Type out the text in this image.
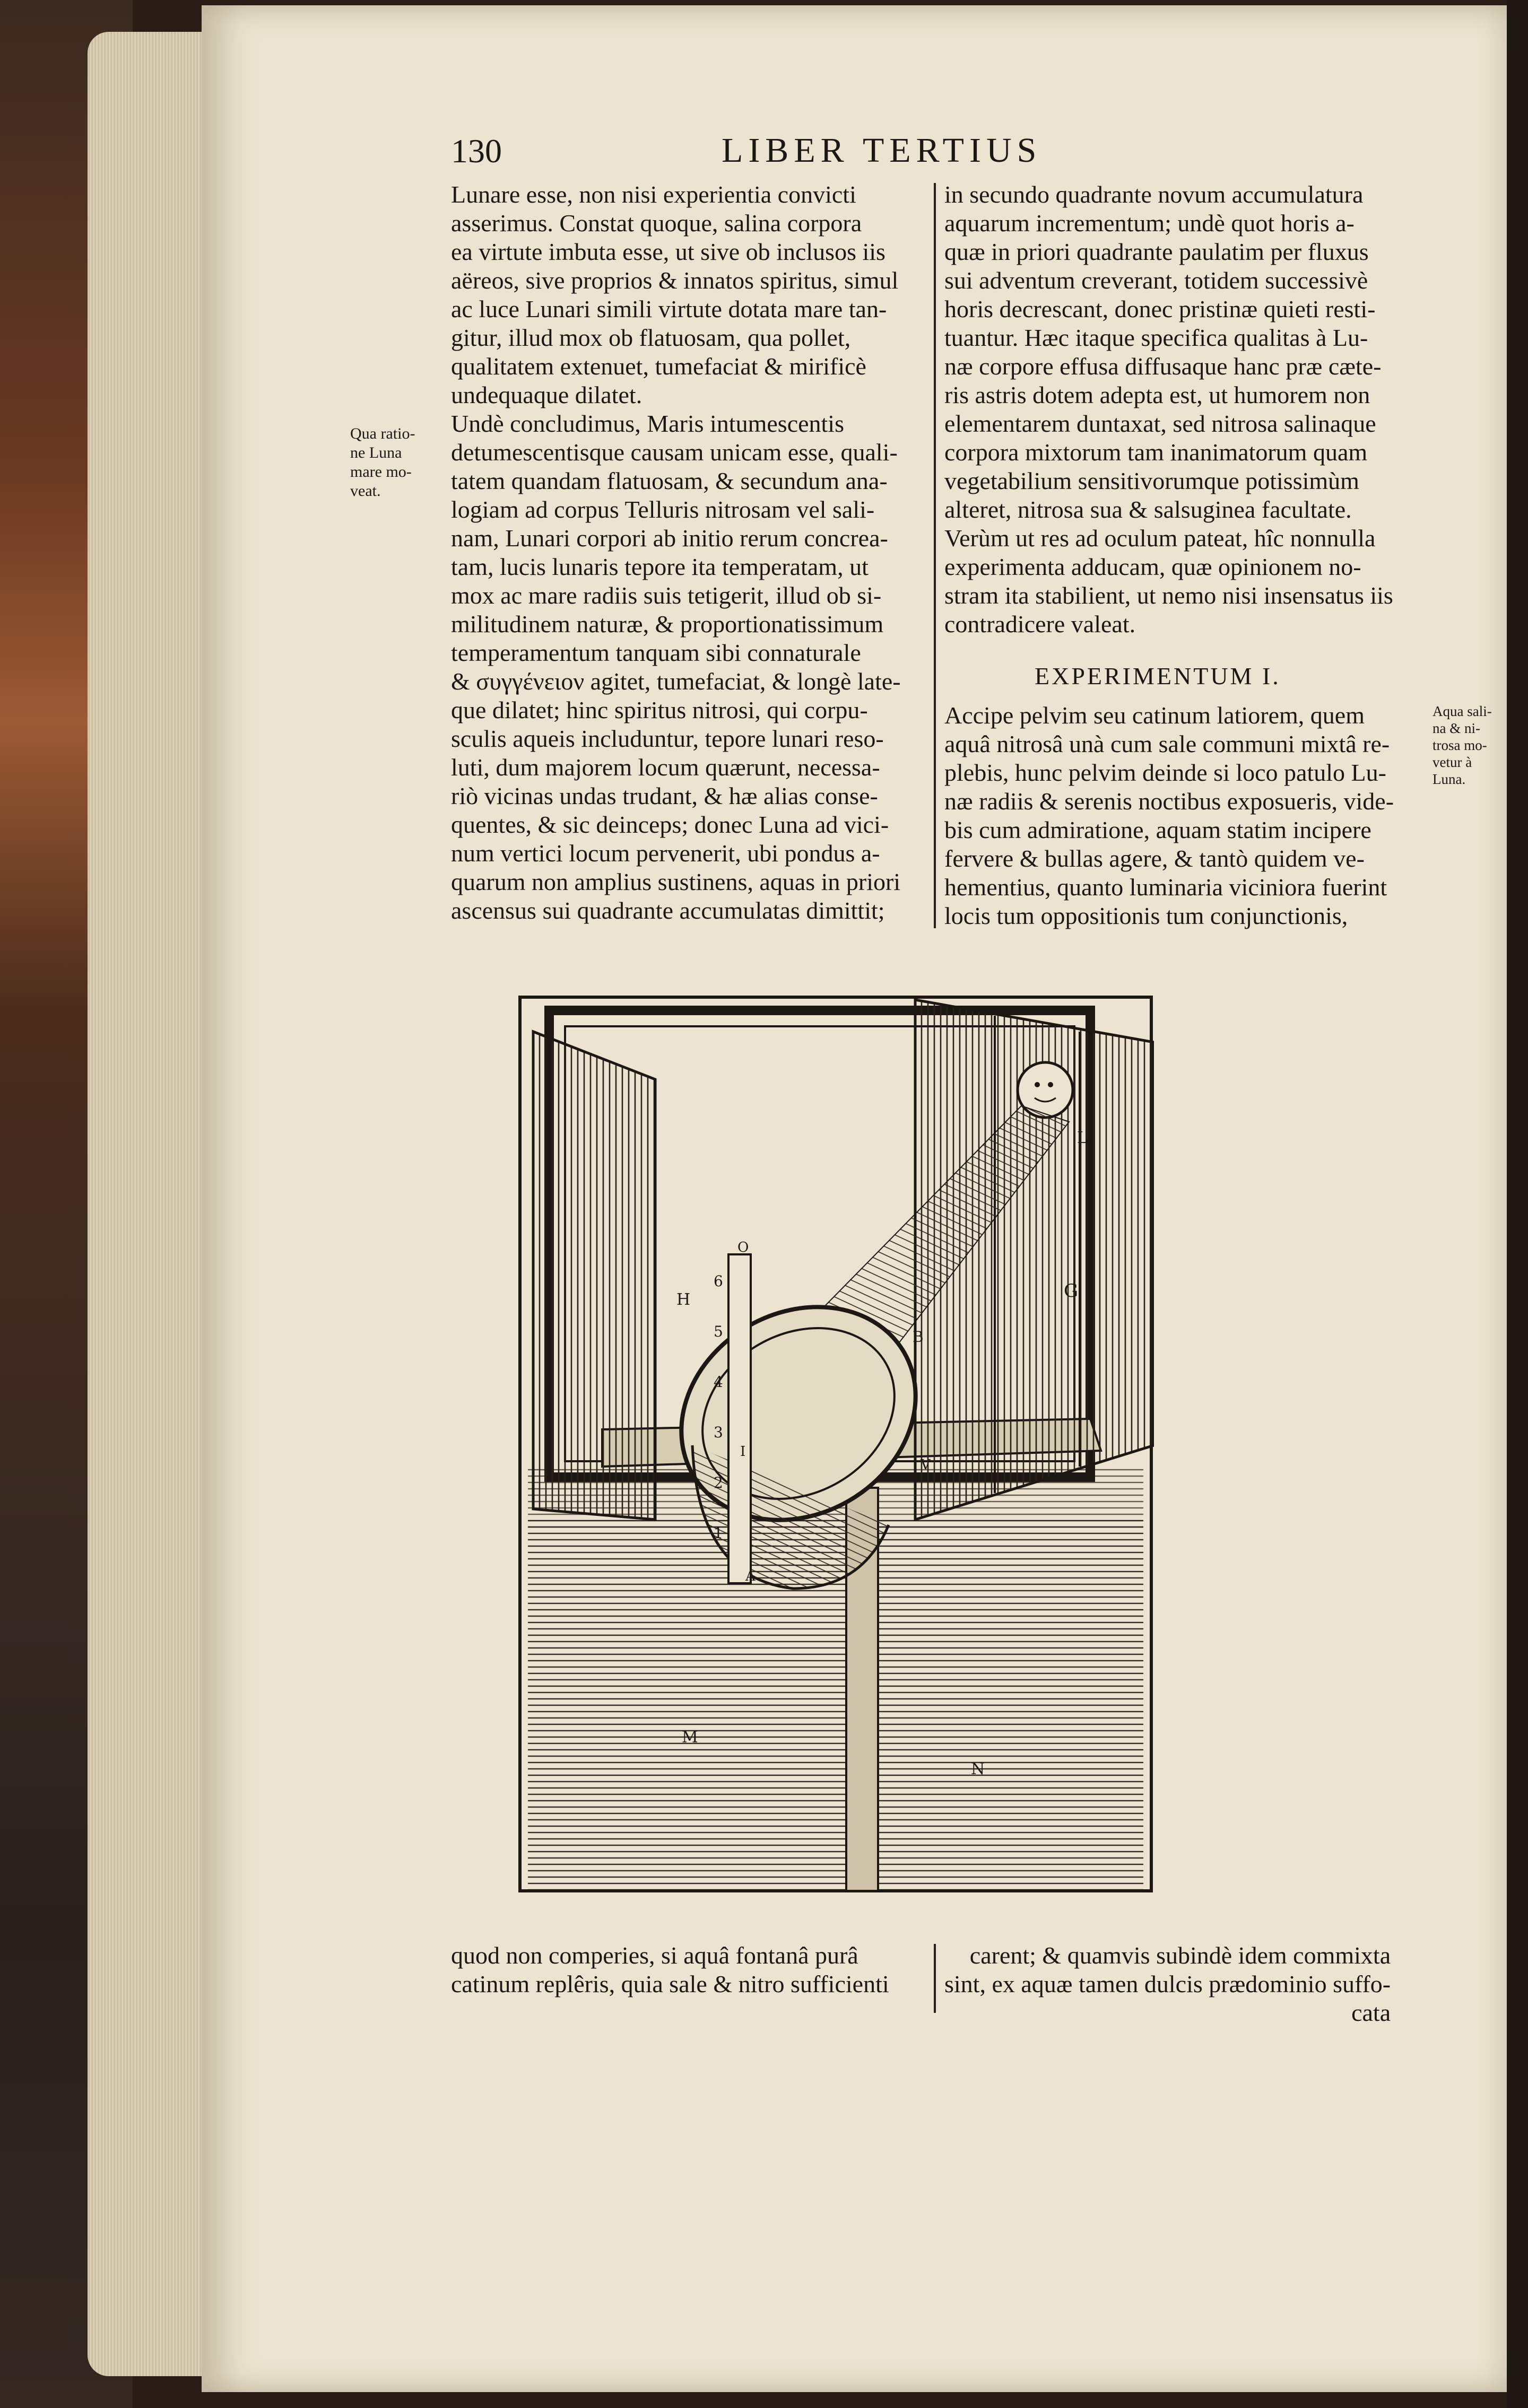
130	LIBER TERTIUS
Lunare esse, non nisi experientia convicti
asserimus. Constat quoque, salina corpora
ea virtute imbuta esse, ut sive ob inclusos iis
aëreos, sive proprios & innatos spiritus, simul
ac luce Lunari simili virtute dotata mare tan-
gitur, illud mox ob flatuosam, qua pollet,
qualitatem extenuet, tumefaciat & mirificè
undequaque dilatet.
Undè concludimus, Maris intumescentis
detumescentisque causam unicam esse, quali-
tatem quandam flatuosam, & secundum ana-
logiam ad corpus Telluris nitrosam vel sali-
nam, Lunari corpori ab initio rerum concrea-
tam, lucis lunaris tepore ita temperatam, ut
mox ac mare radiis suis tetigerit, illud ob si-
militudinem naturæ, & proportionatissimum
temperamentum tanquam sibi connaturale
& συγγένειον agitet, tumefaciat, & longè late-
que dilatet; hinc spiritus nitrosi, qui corpu-
sculis aqueis includuntur, tepore lunari reso-
luti, dum majorem locum quærunt, necessa-
riò vicinas undas trudant, & hæ alias conse-
quentes, & sic deinceps; donec Luna ad vici-
num vertici locum pervenerit, ubi pondus a-
quarum non amplius sustinens, aquas in priori
ascensus sui quadrante accumulatas dimittit;
in secundo quadrante novum accumulatura
aquarum incrementum; undè quot horis a-
quæ in priori quadrante paulatim per fluxus
sui adventum creverant, totidem successivè
horis decrescant, donec pristinæ quieti resti-
tuantur. Hæc itaque specifica qualitas à Lu-
næ corpore effusa diffusaque hanc præ cæte-
ris astris dotem adepta est, ut humorem non
elementarem duntaxat, sed nitrosa salinaque
corpora mixtorum tam inanimatorum quam
vegetabilium sensitivorumque potissimùm
alteret, nitrosa sua & salsuginea facultate.
Verùm ut res ad oculum pateat, hîc nonnulla
experimenta adducam, quæ opinionem no-
stram ita stabilient, ut nemo nisi insensatus iis
contradicere valeat.
Qua ratio-
ne Luna
mare mo-
veat.
EXPERIMENTUM I.
Accipe pelvim seu catinum latiorem, quem
aquâ nitrosâ unà cum sale communi mixtâ re-
plebis, hunc pelvim deinde si loco patulo Lu-
næ radiis & serenis noctibus exposueris, vide-
bis cum admiratione, aquam statim incipere
fervere & bullas agere, & tantò quidem ve-
hementius, quanto luminaria viciniora fuerint
locis tum oppositionis tum conjunctionis,
Aqua sali-
na & ni-
trosa mo-
vetur à
Luna.
L
G
H
O
B
V
I
A
M
N
6
5
4
3
2
1
quod non comperies, si aquâ fontanâ purâ
catinum replêris, quia sale & nitro sufficienti
carent; & quamvis subindè idem commixta
sint, ex aquæ tamen dulcis prædominio suffo-
cata
